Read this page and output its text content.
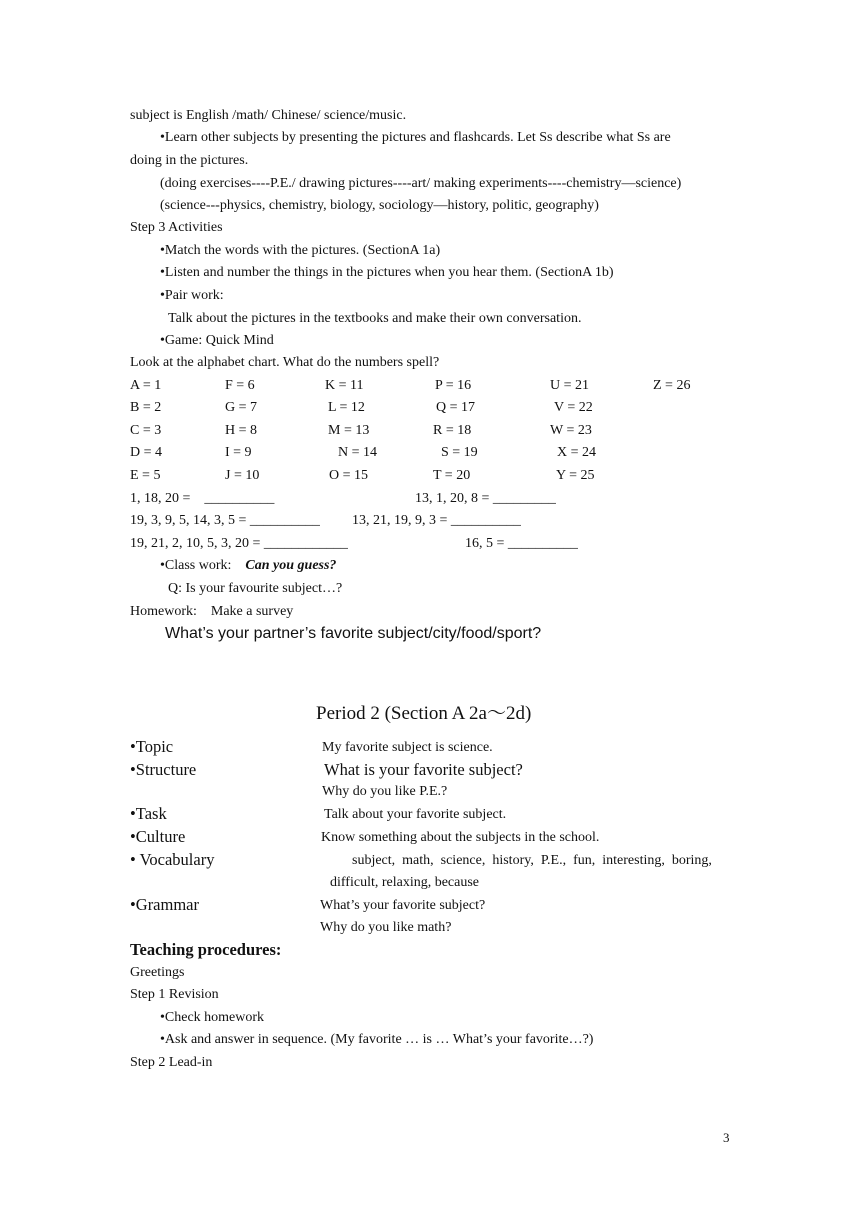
subject is English /math/ Chinese/ science/music.
•Learn other subjects by presenting the pictures and flashcards. Let Ss describe what Ss are
doing in the pictures.
(doing exercises----P.E./ drawing pictures----art/ making experiments----chemistry—science)
(science---physics, chemistry, biology, sociology—history, politic, geography)
Step 3 Activities
•Match the words with the pictures. (SectionA 1a)
•Listen and number the things in the pictures when you hear them. (SectionA 1b)
•Pair work:
Talk about the pictures in the textbooks and make their own conversation.
•Game: Quick Mind
Look at the alphabet chart. What do the numbers spell?
A = 1	F = 6	K = 11	P = 16	U = 21	Z = 26
B = 2	G = 7	L = 12	Q = 17	V = 22
C = 3	H = 8	M = 13	R = 18	W = 23
D = 4	I = 9	N = 14	S = 19	X = 24
E = 5	J = 10	O = 15	T = 20	Y = 25
1, 18, 20 =    __________	13, 1, 20, 8 = _________
19, 3, 9, 5, 14, 3, 5 = __________ 13, 21, 19, 9, 3 = __________
19, 21, 2, 10, 5, 3, 20 = ____________	16, 5 = __________
•Class work: Can you guess?
Q: Is your favourite subject…?
Homework:    Make a survey
What’s your partner’s favorite subject/city/food/sport?
Period 2 (Section A 2a～2d)
•Topic	My favorite subject is science.
•Structure	What is your favorite subject?
Why do you like P.E.?
•Task	Talk about your favorite subject.
•Culture	Know something about the subjects in the school.
• Vocabulary	subject,  math,  science,  history,  P.E.,  fun,  interesting,  boring,
difficult, relaxing, because
•Grammar	What’s your favorite subject?
Why do you like math?
Teaching procedures:
Greetings
Step 1 Revision
•Check homework
•Ask and answer in sequence. (My favorite … is … What’s your favorite…?)
Step 2 Lead-in
3
